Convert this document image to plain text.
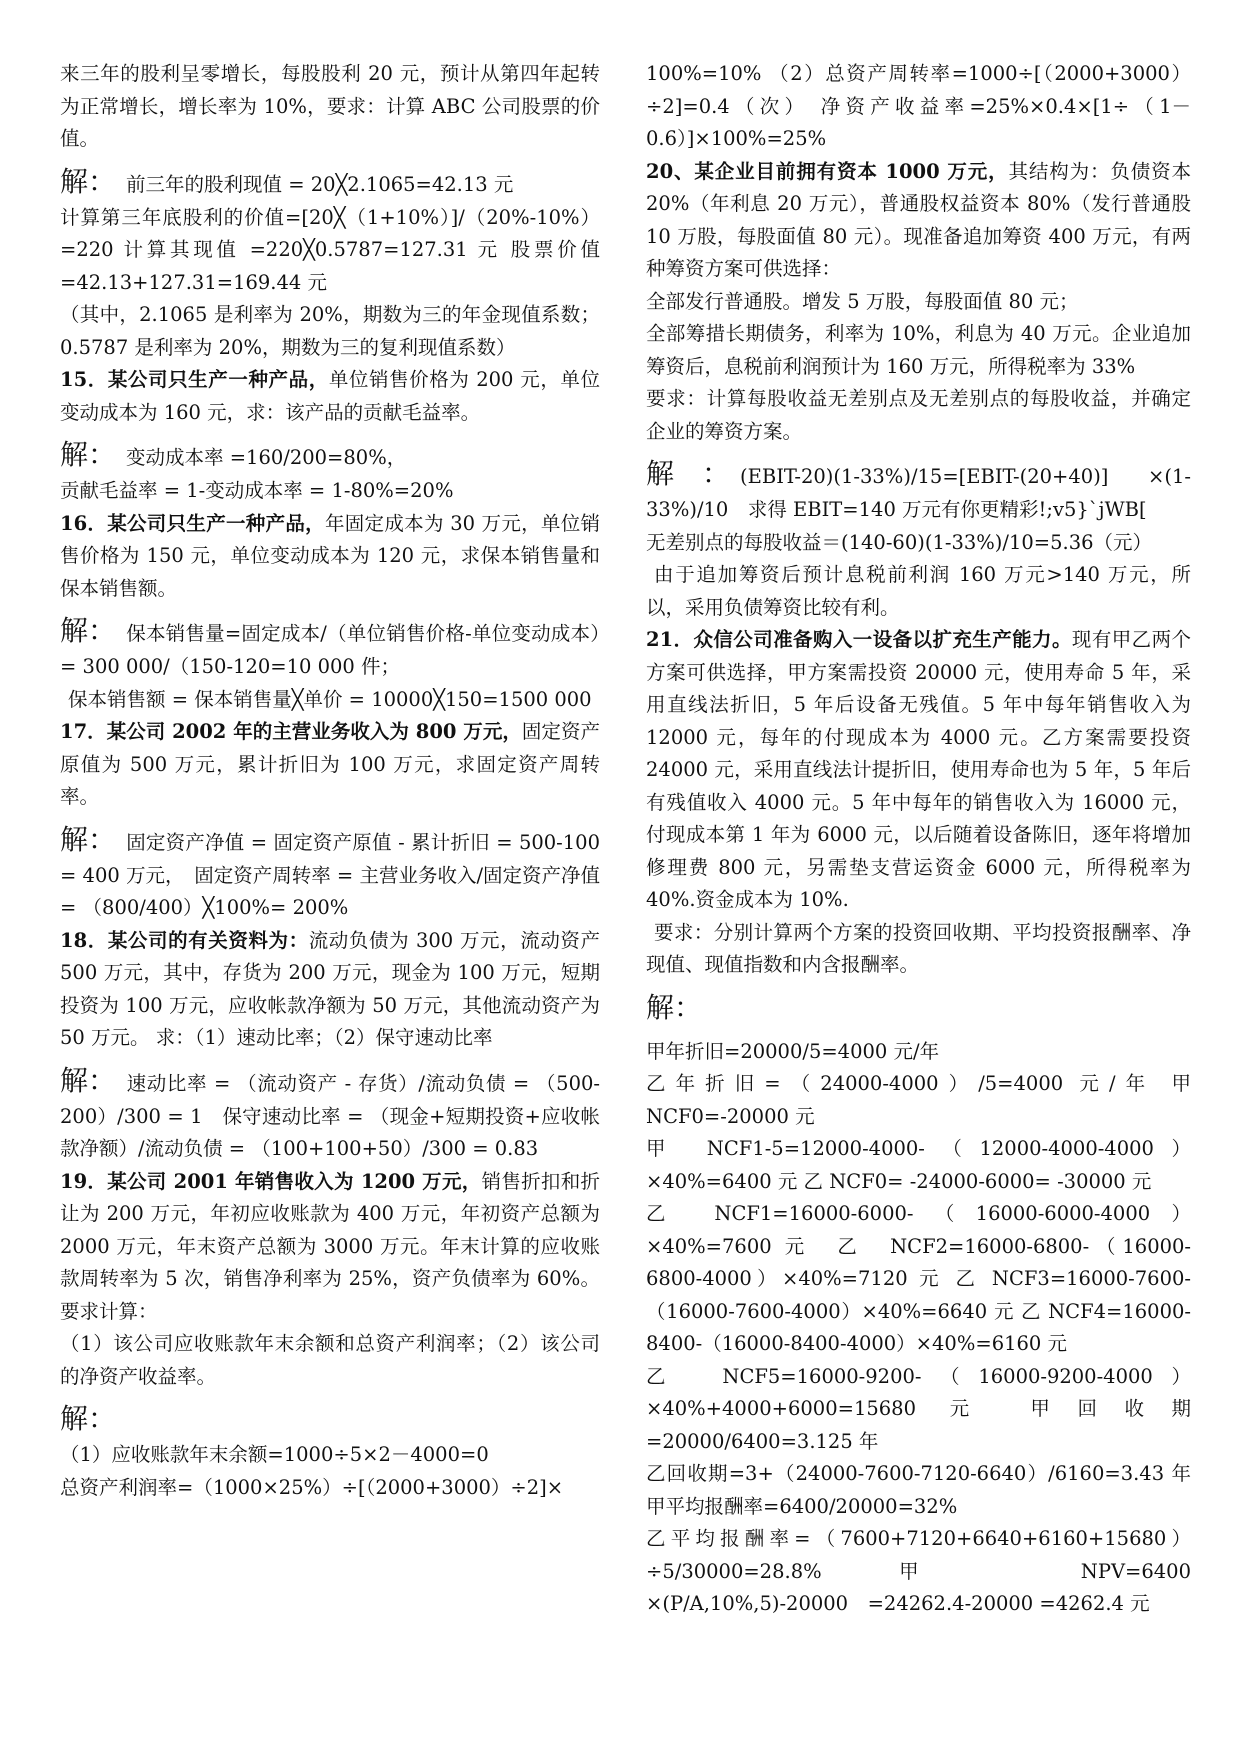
来三年的股利呈零增长，每股股利 20 元，预计从第四年起转为正常增长，增长率为 10%，要求：计算 ABC 公司股票的价值。

解： 前三年的股利现值 = 20╳2.1065=42.13 元

计算第三年底股利的价值=[20╳（1+10%）]/（20%-10%）=220 计算其现值 =220╳0.5787=127.31 元 股票价值=42.13+127.31=169.44 元

（其中，2.1065 是利率为 20%，期数为三的年金现值系数；0.5787 是利率为 20%，期数为三的复利现值系数）

15．某公司只生产一种产品，单位销售价格为 200 元，单位变动成本为 160 元，求：该产品的贡献毛益率。

解： 变动成本率 =160/200=80%，

贡献毛益率 = 1-变动成本率 = 1-80%=20%

16．某公司只生产一种产品，年固定成本为 30 万元，单位销售价格为 150 元，单位变动成本为 120 元，求保本销售量和保本销售额。

解： 保本销售量=固定成本/（单位销售价格-单位变动成本）= 300 000/（150-120=10 000 件；

保本销售额 = 保本销售量╳单价 = 10000╳150=1500 000

17．某公司 2002 年的主营业务收入为 800 万元，固定资产原值为 500 万元，累计折旧为 100 万元，求固定资产周转率。

解： 固定资产净值 = 固定资产原值 - 累计折旧 = 500-100 = 400 万元，　固定资产周转率 = 主营业务收入/固定资产净值 = （800/400）╳100%= 200%

18．某公司的有关资料为：流动负债为 300 万元，流动资产 500 万元，其中，存货为 200 万元，现金为 100 万元，短期投资为 100 万元，应收帐款净额为 50 万元，其他流动资产为 50 万元。 求：（1）速动比率；（2）保守速动比率

解： 速动比率 = （流动资产 - 存货）/流动负债 = （500-200）/300 = 1　保守速动比率 = （现金+短期投资+应收帐款净额）/流动负债 = （100+100+50）/300 = 0.83

19．某公司 2001 年销售收入为 1200 万元，销售折扣和折让为 200 万元，年初应收账款为 400 万元，年初资产总额为 2000 万元，年末资产总额为 3000 万元。年末计算的应收账款周转率为 5 次，销售净利率为 25%，资产负债率为 60%。要求计算：

（1）该公司应收账款年末余额和总资产利润率；（2）该公司的净资产收益率。

解：

（1）应收账款年末余额=1000÷5×2－4000=0

总资产利润率=（1000×25%）÷[（2000+3000）÷2]×

100%=10% （2）总资产周转率=1000÷[（2000+3000）÷2]=0.4（次） 净资产收益率=25%×0.4×[1÷（1－0.6）]×100%=25%

20、某企业目前拥有资本 1000 万元，其结构为：负债资本 20%（年利息 20 万元），普通股权益资本 80%（发行普通股 10 万股，每股面值 80 元）。现准备追加筹资 400 万元，有两种筹资方案可供选择：

全部发行普通股。增发 5 万股，每股面值 80 元；

全部筹措长期债务，利率为 10%，利息为 40 万元。企业追加筹资后，息税前利润预计为 160 万元，所得税率为 33%

要求：计算每股收益无差别点及无差别点的每股收益，并确定企业的筹资方案。

解　： (EBIT-20)(1-33%)/15=[EBIT-(20+40)]　×(1-33%)/10　求得 EBIT=140 万元有你更精彩!;v5}`jWB[

无差别点的每股收益＝(140-60)(1-33%)/10=5.36（元）

由于追加筹资后预计息税前利润 160 万元>140 万元，所以，采用负债筹资比较有利。

21．众信公司准备购入一设备以扩充生产能力。现有甲乙两个方案可供选择，甲方案需投资 20000 元，使用寿命 5 年，采用直线法折旧，5 年后设备无残值。5 年中每年销售收入为 12000 元，每年的付现成本为 4000 元。乙方案需要投资 24000 元，采用直线法计提折旧，使用寿命也为 5 年，5 年后有残值收入 4000 元。5 年中每年的销售收入为 16000 元，付现成本第 1 年为 6000 元，以后随着设备陈旧，逐年将增加修理费 800 元，另需垫支营运资金 6000 元，所得税率为 40%.资金成本为 10%.

要求：分别计算两个方案的投资回收期、平均投资报酬率、净现值、现值指数和内含报酬率。

解：

甲年折旧=20000/5=4000 元/年

乙年折旧=（24000-4000）/5=4000 元/年 甲 NCF0=-20000 元

甲 NCF1-5=12000-4000-（12000-4000-4000）×40%=6400 元 乙 NCF0= -24000-6000= -30000 元

乙 NCF1=16000-6000-（16000-6000-4000）×40%=7600 元　乙　NCF2=16000-6800-（16000-6800-4000）×40%=7120 元 乙 NCF3=16000-7600-（16000-7600-4000）×40%=6640 元 乙 NCF4=16000-8400-（16000-8400-4000）×40%=6160 元

乙　NCF5=16000-9200-（16000-9200-4000）×40%+4000+6000=15680 元 甲回收期=20000/6400=3.125 年

乙回收期=3+（24000-7600-7120-6640）/6160=3.43 年 甲平均报酬率=6400/20000=32%

乙平均报酬率=（7600+7120+6640+6160+15680）÷5/30000=28.8% 甲　NPV=6400　×(P/A,10%,5)-20000　=24262.4-20000 =4262.4 元
